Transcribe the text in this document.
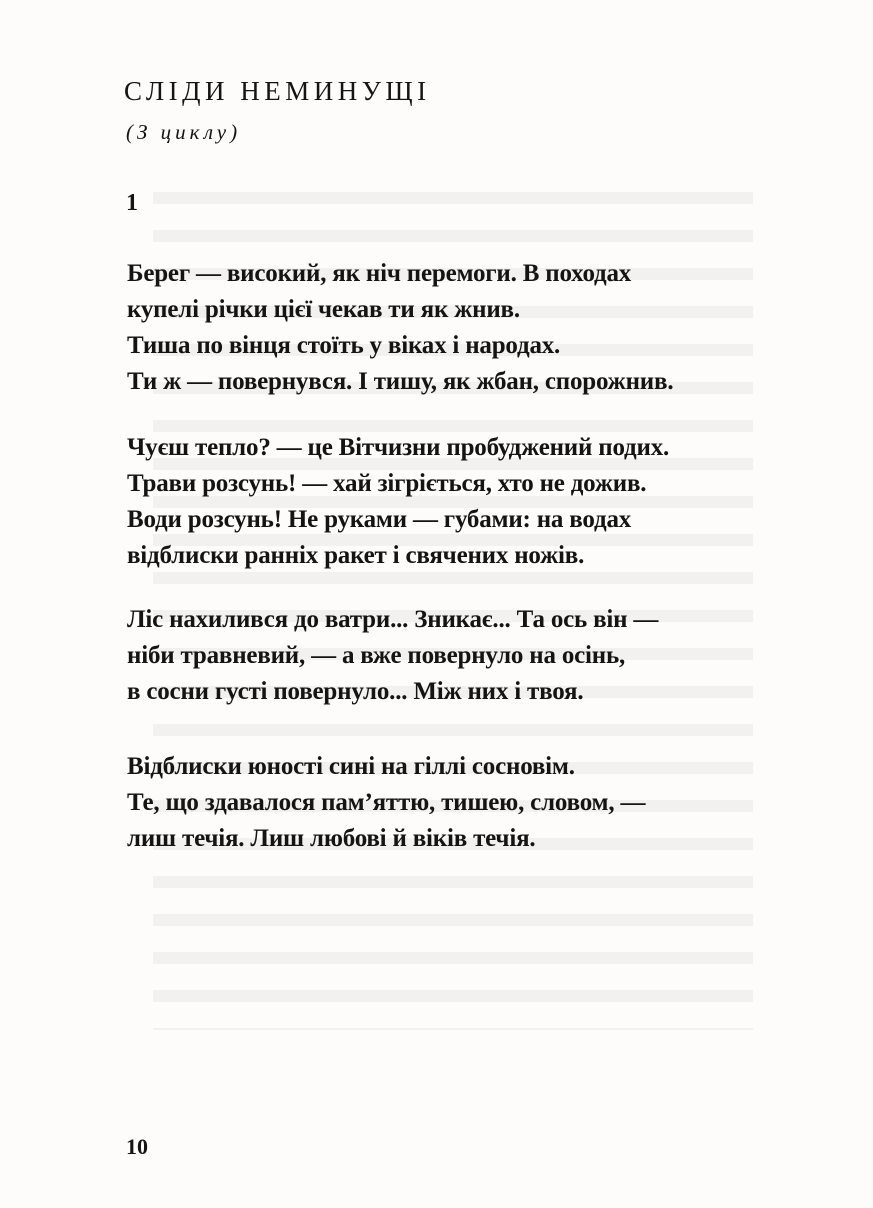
СЛІДИ НЕМИНУЩІ
(З циклу)
1
Берег — високий, як ніч перемоги. В походах
купелі річки цієї чекав ти як жнив.
Тиша по вінця стоїть у віках і народах.
Ти ж — повернувся. І тишу, як жбан, спорожнив.
Чуєш тепло? — це Вітчизни пробуджений подих.
Трави розсунь! — хай зігріється, хто не дожив.
Води розсунь! Не руками — губами: на водах
відблиски ранніх ракет і свячених ножів.
Ліс нахилився до ватри... Зникає... Та ось він —
ніби травневий, — а вже повернуло на осінь,
в сосни густі повернуло... Між них і твоя.
Відблиски юності сині на гіллі сосновім.
Те, що здавалося пам’яттю, тишею, словом, —
лиш течія. Лиш любові й віків течія.
10
